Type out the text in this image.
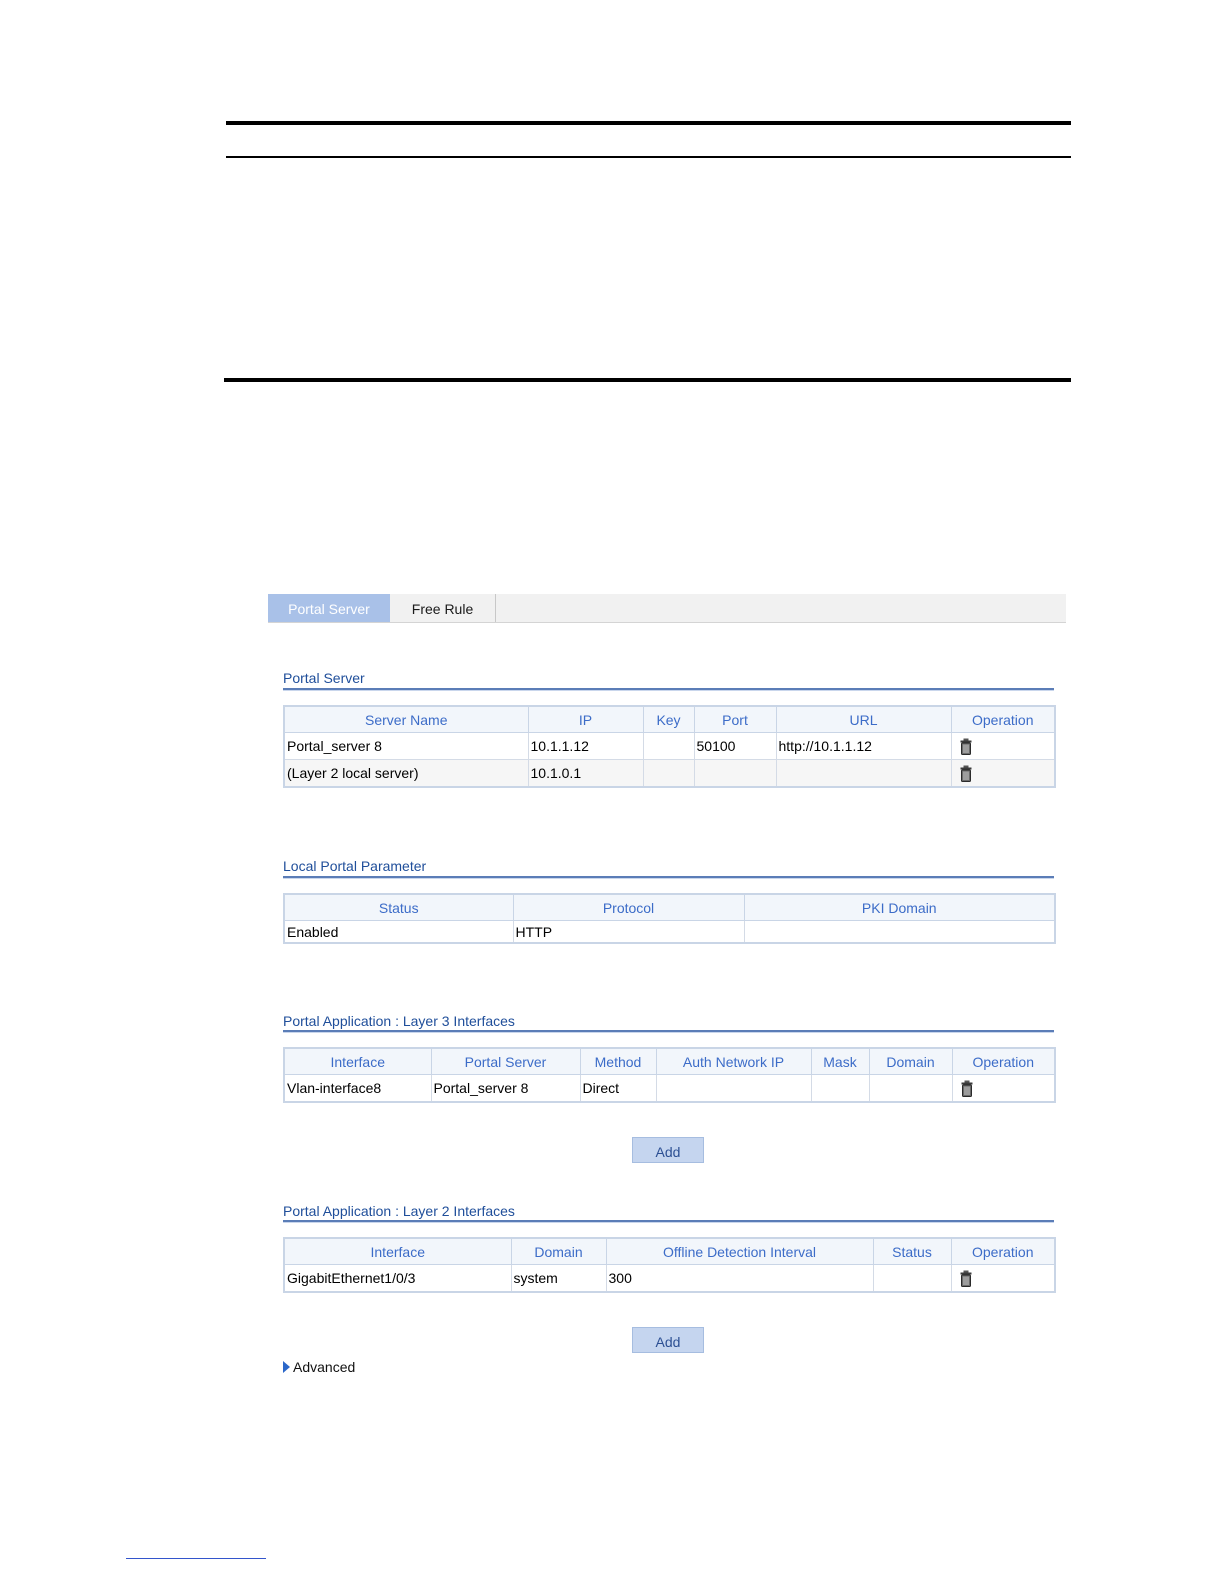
Portal Server	Free Rule
Portal Server
Server Name	IP	Key	Port	URL	Operation
Portal_server 8	10.1.1.12		50100	http://10.1.1.12	

(Layer 2 local server)	10.1.0.1				
Local Portal Parameter
Status	Protocol	PKI Domain
Enabled	HTTP	
Portal Application : Layer 3 Interfaces
Interface	Portal Server	Method	Auth Network IP	Mask	Domain	Operation
Vlan-interface8	Portal_server 8	Direct				
Add
Portal Application : Layer 2 Interfaces
Interface	Domain	Offline Detection Interval	Status	Operation
GigabitEthernet1/0/3	system	300		
Add
Advanced
